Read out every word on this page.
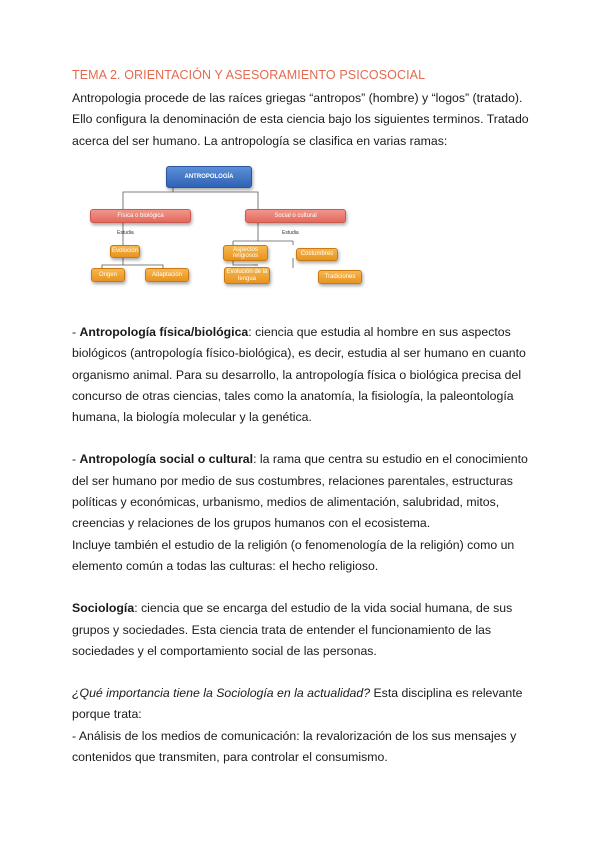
TEMA 2. ORIENTACIÓN Y ASESORAMIENTO PSICOSOCIAL

Antropologia procede de las raíces griegas “antropos” (hombre) y “logos” (tratado). Ello configura la denominación de esta ciencia bajo los siguientes terminos. Tratado acerca del ser humano. La antropología se clasifica en varias ramas:

ANTROPOLOGÍA
Física o biológica	Social o cultural
Estudia	Estudia
Evolución
Origen	Adaptación
Aspectos religiosos	Costumbres
Evolución de la lengua	Tradiciones

- Antropología física/biológica: ciencia que estudia al hombre en sus aspectos biológicos (antropología físico-biológica), es decir, estudia al ser humano en cuanto organismo animal. Para su desarrollo, la antropología física o biológica precisa del concurso de otras ciencias, tales como la anatomía, la fisiología, la paleontología humana, la biología molecular y la genética.

- Antropología social o cultural: la rama que centra su estudio en el conocimiento del ser humano por medio de sus costumbres, relaciones parentales, estructuras políticas y económicas, urbanismo, medios de alimentación, salubridad, mitos, creencias y relaciones de los grupos humanos con el ecosistema.

Incluye también el estudio de la religión (o fenomenología de la religión) como un elemento común a todas las culturas: el hecho religioso.

Sociología: ciencia que se encarga del estudio de la vida social humana, de sus grupos y sociedades. Esta ciencia trata de entender el funcionamiento de las sociedades y el comportamiento social de las personas.

¿Qué importancia tiene la Sociología en la actualidad? Esta disciplina es relevante porque trata:

- Análisis de los medios de comunicación: la revalorización de los sus mensajes y contenidos que transmiten, para controlar el consumismo.
